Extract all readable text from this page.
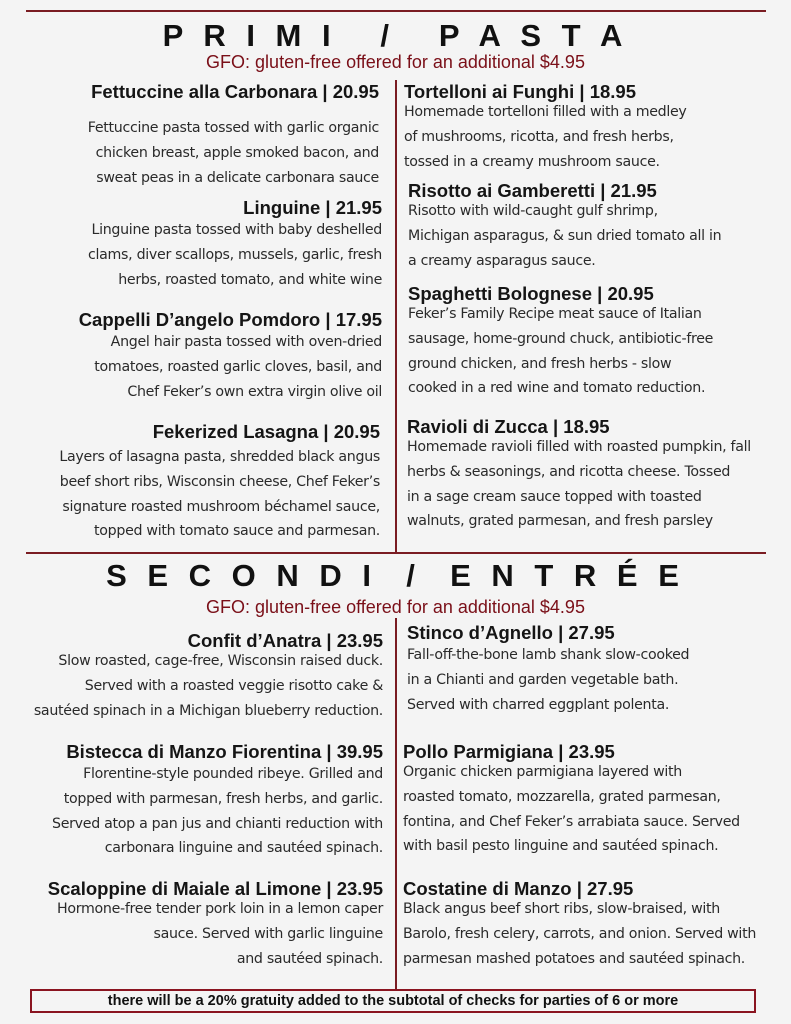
P R I M I   /   P A S T A
GFO: gluten-free offered for an additional $4.95
S E C O N D I  /  E N T R É E
GFO: gluten-free offered for an additional $4.95
Fettuccine alla Carbonara | 20.95
Fettuccine pasta tossed with garlic organic
chicken breast, apple smoked bacon, and
sweat peas in a delicate carbonara sauce
Linguine | 21.95
Linguine pasta tossed with baby deshelled
clams, diver scallops, mussels, garlic, fresh
herbs, roasted tomato, and white wine
Cappelli D’angelo Pomdoro | 17.95
Angel hair pasta tossed with oven-dried
tomatoes, roasted garlic cloves, basil, and
Chef Feker’s own extra virgin olive oil
Fekerized Lasagna | 20.95
Layers of lasagna pasta, shredded black angus
beef short ribs, Wisconsin cheese, Chef Feker’s
signature roasted mushroom béchamel sauce,
topped with tomato sauce and parmesan.
Tortelloni ai Funghi | 18.95
Homemade tortelloni filled with a medley
of mushrooms, ricotta, and fresh herbs,
tossed in a creamy mushroom sauce.
Risotto ai Gamberetti | 21.95
Risotto with wild-caught gulf shrimp,
Michigan asparagus, & sun dried tomato all in
a creamy asparagus sauce.
Spaghetti Bolognese | 20.95
Feker’s Family Recipe meat sauce of Italian
sausage, home-ground chuck, antibiotic-free
ground chicken, and fresh herbs - slow
cooked in a red wine and tomato reduction.
Ravioli di Zucca | 18.95
Homemade ravioli filled with roasted pumpkin, fall
herbs & seasonings, and ricotta cheese. Tossed
in a sage cream sauce topped with toasted
walnuts, grated parmesan, and fresh parsley
Confit d’Anatra | 23.95
Slow roasted, cage-free, Wisconsin raised duck.
Served with a roasted veggie risotto cake &
sautéed spinach in a Michigan blueberry reduction.
Bistecca di Manzo Fiorentina | 39.95
Florentine-style pounded ribeye. Grilled and
topped with parmesan, fresh herbs, and garlic.
Served atop a pan jus and chianti reduction with
carbonara linguine and sautéed spinach.
Scaloppine di Maiale al Limone | 23.95
Hormone-free tender pork loin in a lemon caper
sauce. Served with garlic linguine
and sautéed spinach.
Stinco d’Agnello | 27.95
Fall-off-the-bone lamb shank slow-cooked
in a Chianti and garden vegetable bath.
Served with charred eggplant polenta.
Pollo Parmigiana | 23.95
Organic chicken parmigiana layered with
roasted tomato, mozzarella, grated parmesan,
fontina, and Chef Feker’s arrabiata sauce. Served
with basil pesto linguine and sautéed spinach.
Costatine di Manzo | 27.95
Black angus beef short ribs, slow-braised, with
Barolo, fresh celery, carrots, and onion. Served with
parmesan mashed potatoes and sautéed spinach.
there will be a 20% gratuity added to the subtotal of checks for parties of 6 or more
